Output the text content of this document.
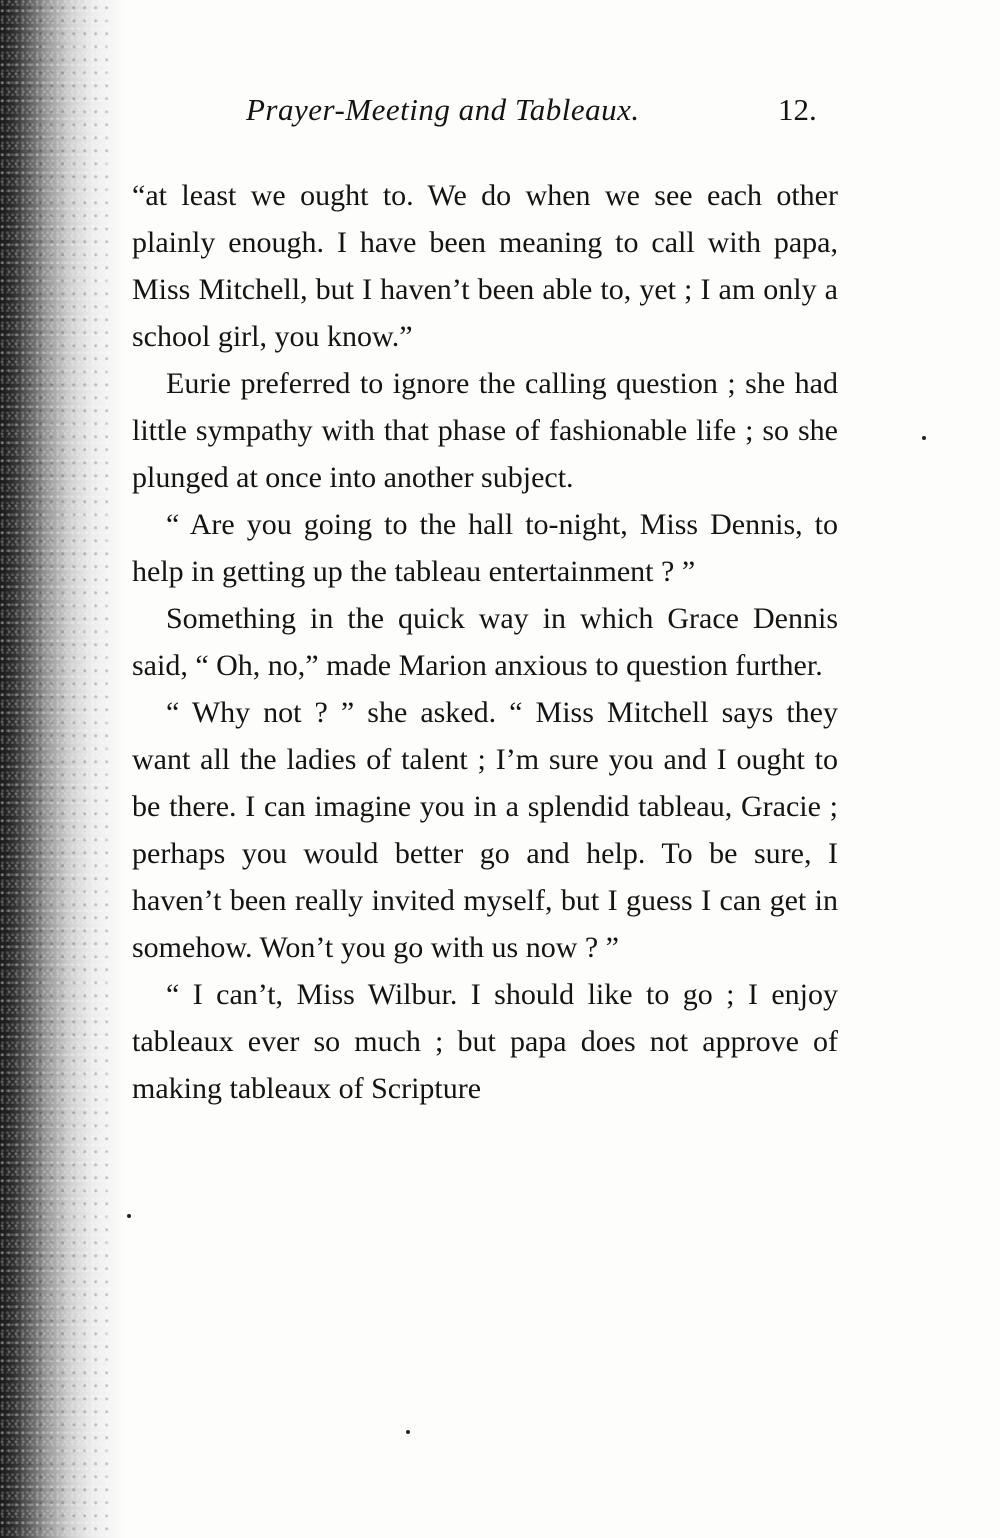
Prayer-Meeting and Tableaux.	12.

“at least we ought to. We do when we see each other plainly enough. I have been meaning to call with papa, Miss Mitchell, but I haven’t been able to, yet ; I am only a school girl, you know.”

Eurie preferred to ignore the calling question ; she had little sympathy with that phase of fashionable life ; so she plunged at once into another subject.

“ Are you going to the hall to-night, Miss Dennis, to help in getting up the tableau entertainment ? ”

Something in the quick way in which Grace Dennis said, “ Oh, no,” made Marion anxious to question further.

“ Why not ? ” she asked. “ Miss Mitchell says they want all the ladies of talent ; I’m sure you and I ought to be there. I can imagine you in a splendid tableau, Gracie ; perhaps you would better go and help. To be sure, I haven’t been really invited myself, but I guess I can get in somehow. Won’t you go with us now ? ”

“ I can’t, Miss Wilbur. I should like to go ; I enjoy tableaux ever so much ; but papa does not approve of making tableaux of Scripture
